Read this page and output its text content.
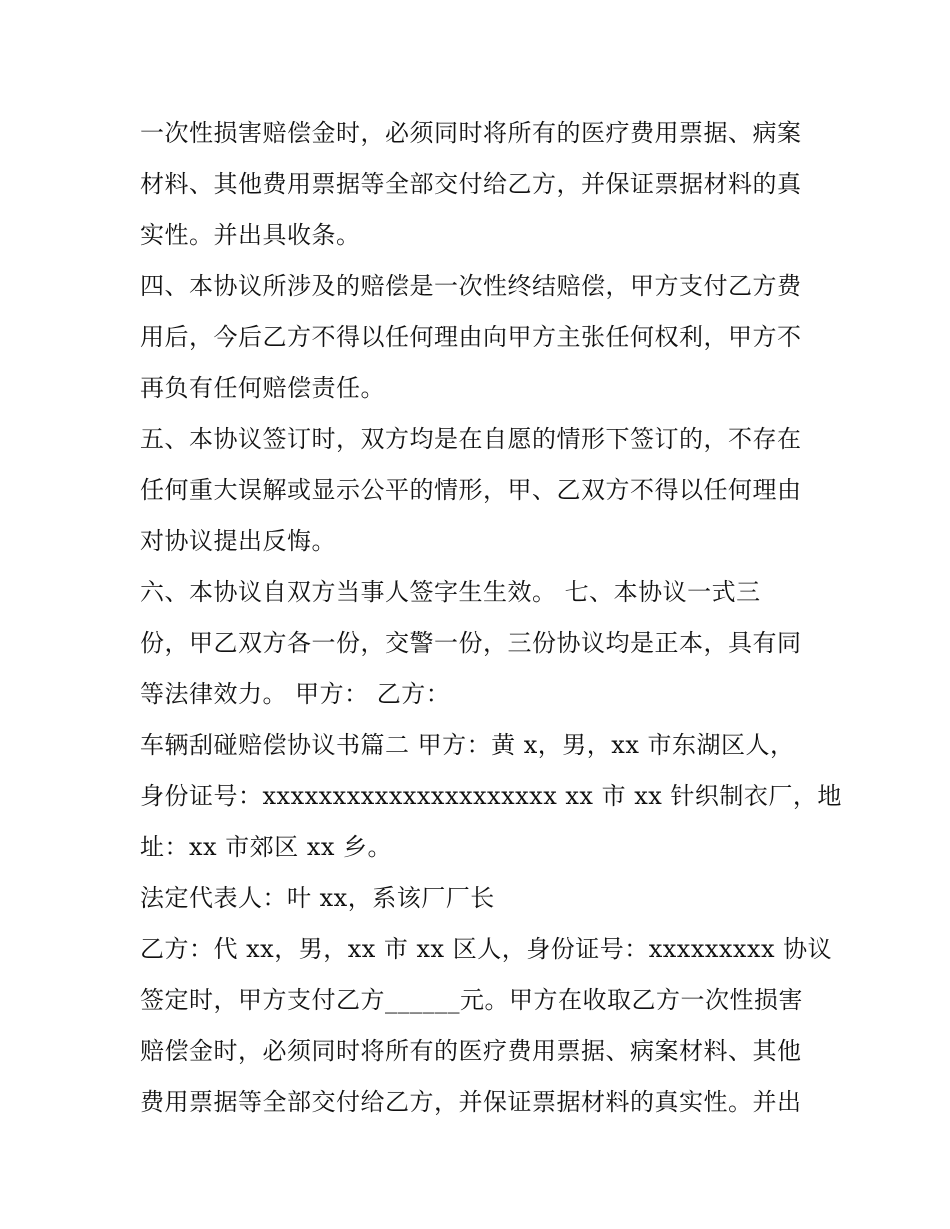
一次性损害赔偿金时，必须同时将所有的医疗费用票据、病案
材料、其他费用票据等全部交付给乙方，并保证票据材料的真
实性。并出具收条。
四、本协议所涉及的赔偿是一次性终结赔偿，甲方支付乙方费
用后，今后乙方不得以任何理由向甲方主张任何权利，甲方不
再负有任何赔偿责任。
五、本协议签订时，双方均是在自愿的情形下签订的，不存在
任何重大误解或显示公平的情形，甲、乙双方不得以任何理由
对协议提出反悔。
六、本协议自双方当事人签字生生效。 七、本协议一式三
份，甲乙双方各一份，交警一份，三份协议均是正本，具有同
等法律效力。 甲方： 乙方：
车辆刮碰赔偿协议书篇二 甲方：黄 x，男，xx 市东湖区人，
身份证号：xxxxxxxxxxxxxxxxxxxxx xx 市 xx 针织制衣厂，地
址：xx 市郊区 xx 乡。
法定代表人：叶 xx，系该厂厂长
乙方：代 xx，男，xx 市 xx 区人，身份证号：xxxxxxxxx 协议
签定时，甲方支付乙方______元。甲方在收取乙方一次性损害
赔偿金时，必须同时将所有的医疗费用票据、病案材料、其他
费用票据等全部交付给乙方，并保证票据材料的真实性。并出
